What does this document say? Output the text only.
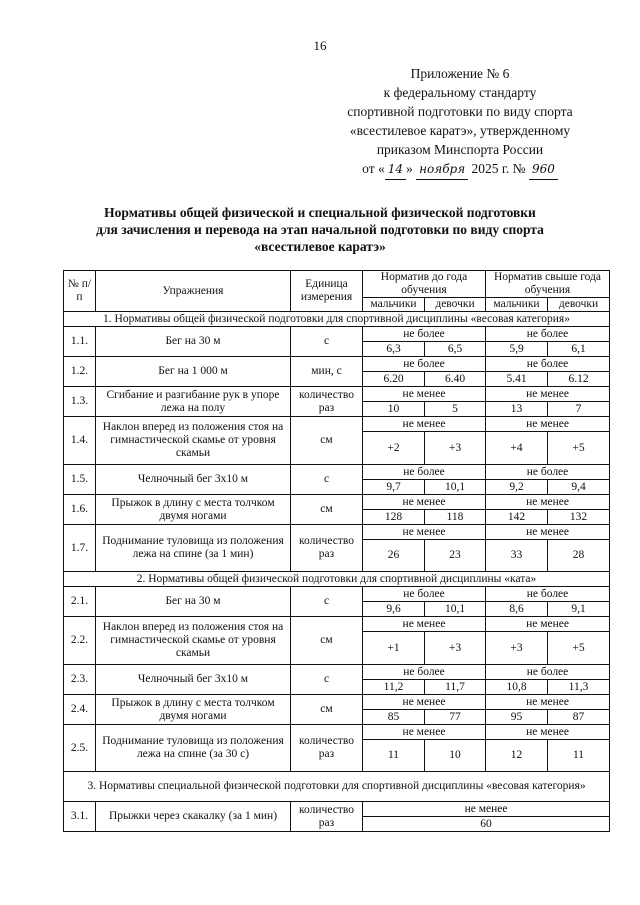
16
Приложение № 6
к федеральному стандарту
спортивной подготовки по виду спорта
«всестилевое каратэ», утвержденному
приказом Минспорта России
от « 14 » ноября 2025 г. № 960
Нормативы общей физической и специальной физической подготовки
для зачисления и перевода на этап начальной подготовки по виду спорта
«всестилевое каратэ»
№ п/п	Упражнения	Единица измерения	Норматив до года обучения		Норматив свыше года обучения	
			мальчики	девочки	мальчики	девочки
1. Нормативы общей физической подготовки для спортивной дисциплины «весовая категория»						
1.1.	Бег на 30 м	с	не более		не более	
			6,3	6,5	5,9	6,1
1.2.	Бег на 1 000 м	мин, с	не более		не более	
			6.20	6.40	5.41	6.12
1.3.	Сгибание и разгибание рук в упоре лежа на полу	количество раз	не менее		не менее	
			10	5	13	7
1.4.	Наклон вперед из положения стоя на гимнастической скамье от уровня скамьи	см	не менее		не менее	
			+2	+3	+4	+5
1.5.	Челночный бег 3х10 м	с	не более		не более	
			9,7	10,1	9,2	9,4
1.6.	Прыжок в длину с места толчком двумя ногами	см	не менее		не менее	
			128	118	142	132
1.7.	Поднимание туловища из положения лежа на спине (за 1 мин)	количество раз	не менее		не менее	
			26	23	33	28
2. Нормативы общей физической подготовки для спортивной дисциплины «ката»						
2.1.	Бег на 30 м	с	не более		не более	
			9,6	10,1	8,6	9,1
2.2.	Наклон вперед из положения стоя на гимнастической скамье от уровня скамьи	см	не менее		не менее	
			+1	+3	+3	+5
2.3.	Челночный бег 3х10 м	с	не более		не более	
			11,2	11,7	10,8	11,3
2.4.	Прыжок в длину с места толчком двумя ногами	см	не менее		не менее	
			85	77	95	87
2.5.	Поднимание туловища из положения лежа на спине (за 30 с)	количество раз	не менее		не менее	
			11	10	12	11
3. Нормативы специальной физической подготовки для спортивной дисциплины «весовая категория»						
3.1.	Прыжки через скакалку (за 1 мин)	количество раз	не менее			
			60			
